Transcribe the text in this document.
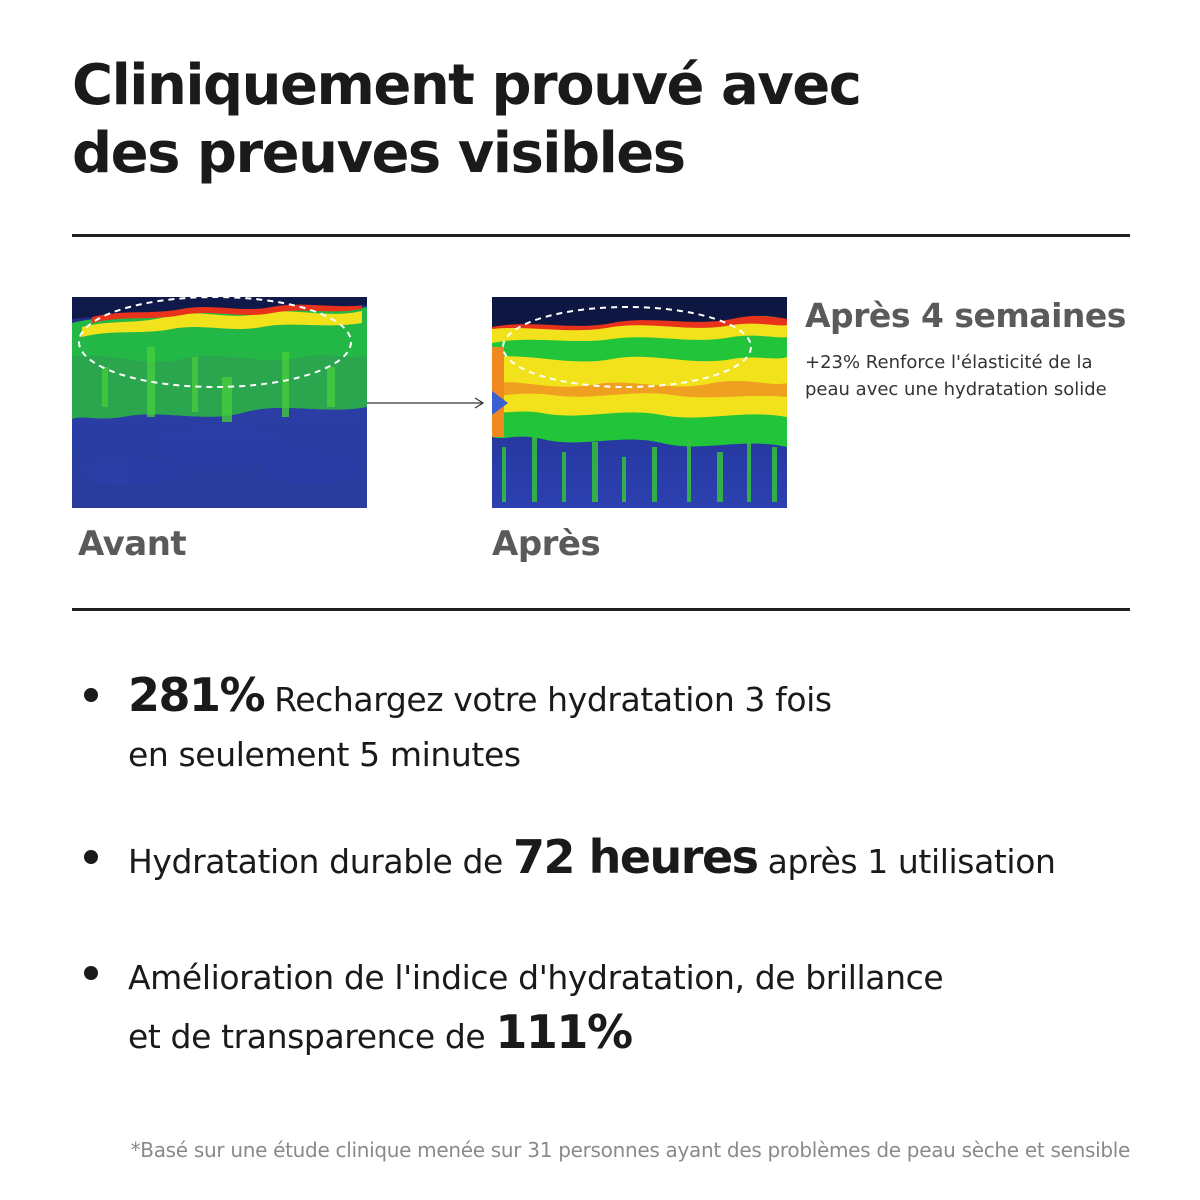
Cliniquement prouvé avec
des preuves visibles
Avant	Après
Après 4 semaines
+23% Renforce l'élasticité de la peau avec une hydratation solide
281% Rechargez votre hydratation 3 fois
en seulement 5 minutes
Hydratation durable de 72 heures après 1 utilisation
Amélioration de l'indice d'hydratation, de brillance
et de transparence de 111%
*Basé sur une étude clinique menée sur 31 personnes ayant des problèmes de peau sèche et sensible
